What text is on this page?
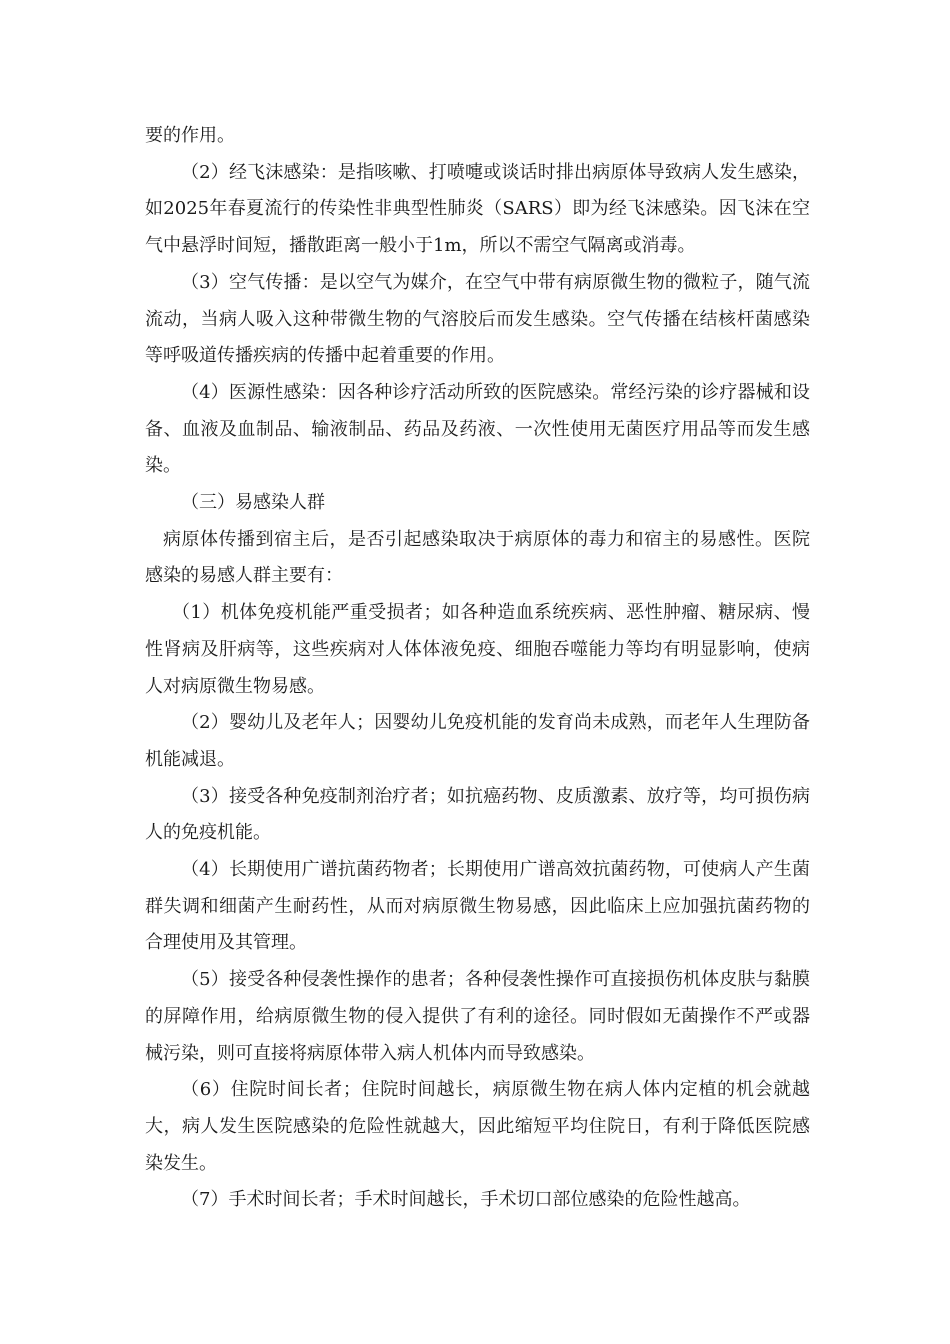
要的作用。

（2）经飞沫感染：是指咳嗽、打喷嚏或谈话时排出病原体导致病人发生感染，如2025年春夏流行的传染性非典型性肺炎（SARS）即为经飞沫感染。因飞沫在空气中悬浮时间短，播散距离一般小于1m，所以不需空气隔离或消毒。

（3）空气传播：是以空气为媒介，在空气中带有病原微生物的微粒子，随气流流动，当病人吸入这种带微生物的气溶胶后而发生感染。空气传播在结核杆菌感染等呼吸道传播疾病的传播中起着重要的作用。

（4）医源性感染：因各种诊疗活动所致的医院感染。常经污染的诊疗器械和设备、血液及血制品、输液制品、药品及药液、一次性使用无菌医疗用品等而发生感染。

（三）易感染人群

病原体传播到宿主后，是否引起感染取决于病原体的毒力和宿主的易感性。医院感染的易感人群主要有：

（1）机体免疫机能严重受损者；如各种造血系统疾病、恶性肿瘤、糖尿病、慢性肾病及肝病等，这些疾病对人体体液免疫、细胞吞噬能力等均有明显影响，使病人对病原微生物易感。

（2）婴幼儿及老年人；因婴幼儿免疫机能的发育尚未成熟，而老年人生理防备机能减退。

（3）接受各种免疫制剂治疗者；如抗癌药物、皮质激素、放疗等，均可损伤病人的免疫机能。

（4）长期使用广谱抗菌药物者；长期使用广谱高效抗菌药物，可使病人产生菌群失调和细菌产生耐药性，从而对病原微生物易感，因此临床上应加强抗菌药物的合理使用及其管理。

（5）接受各种侵袭性操作的患者；各种侵袭性操作可直接损伤机体皮肤与黏膜的屏障作用，给病原微生物的侵入提供了有利的途径。同时假如无菌操作不严或器械污染，则可直接将病原体带入病人机体内而导致感染。

（6）住院时间长者；住院时间越长，病原微生物在病人体内定植的机会就越大，病人发生医院感染的危险性就越大，因此缩短平均住院日，有利于降低医院感染发生。

（7）手术时间长者；手术时间越长，手术切口部位感染的危险性越高。
